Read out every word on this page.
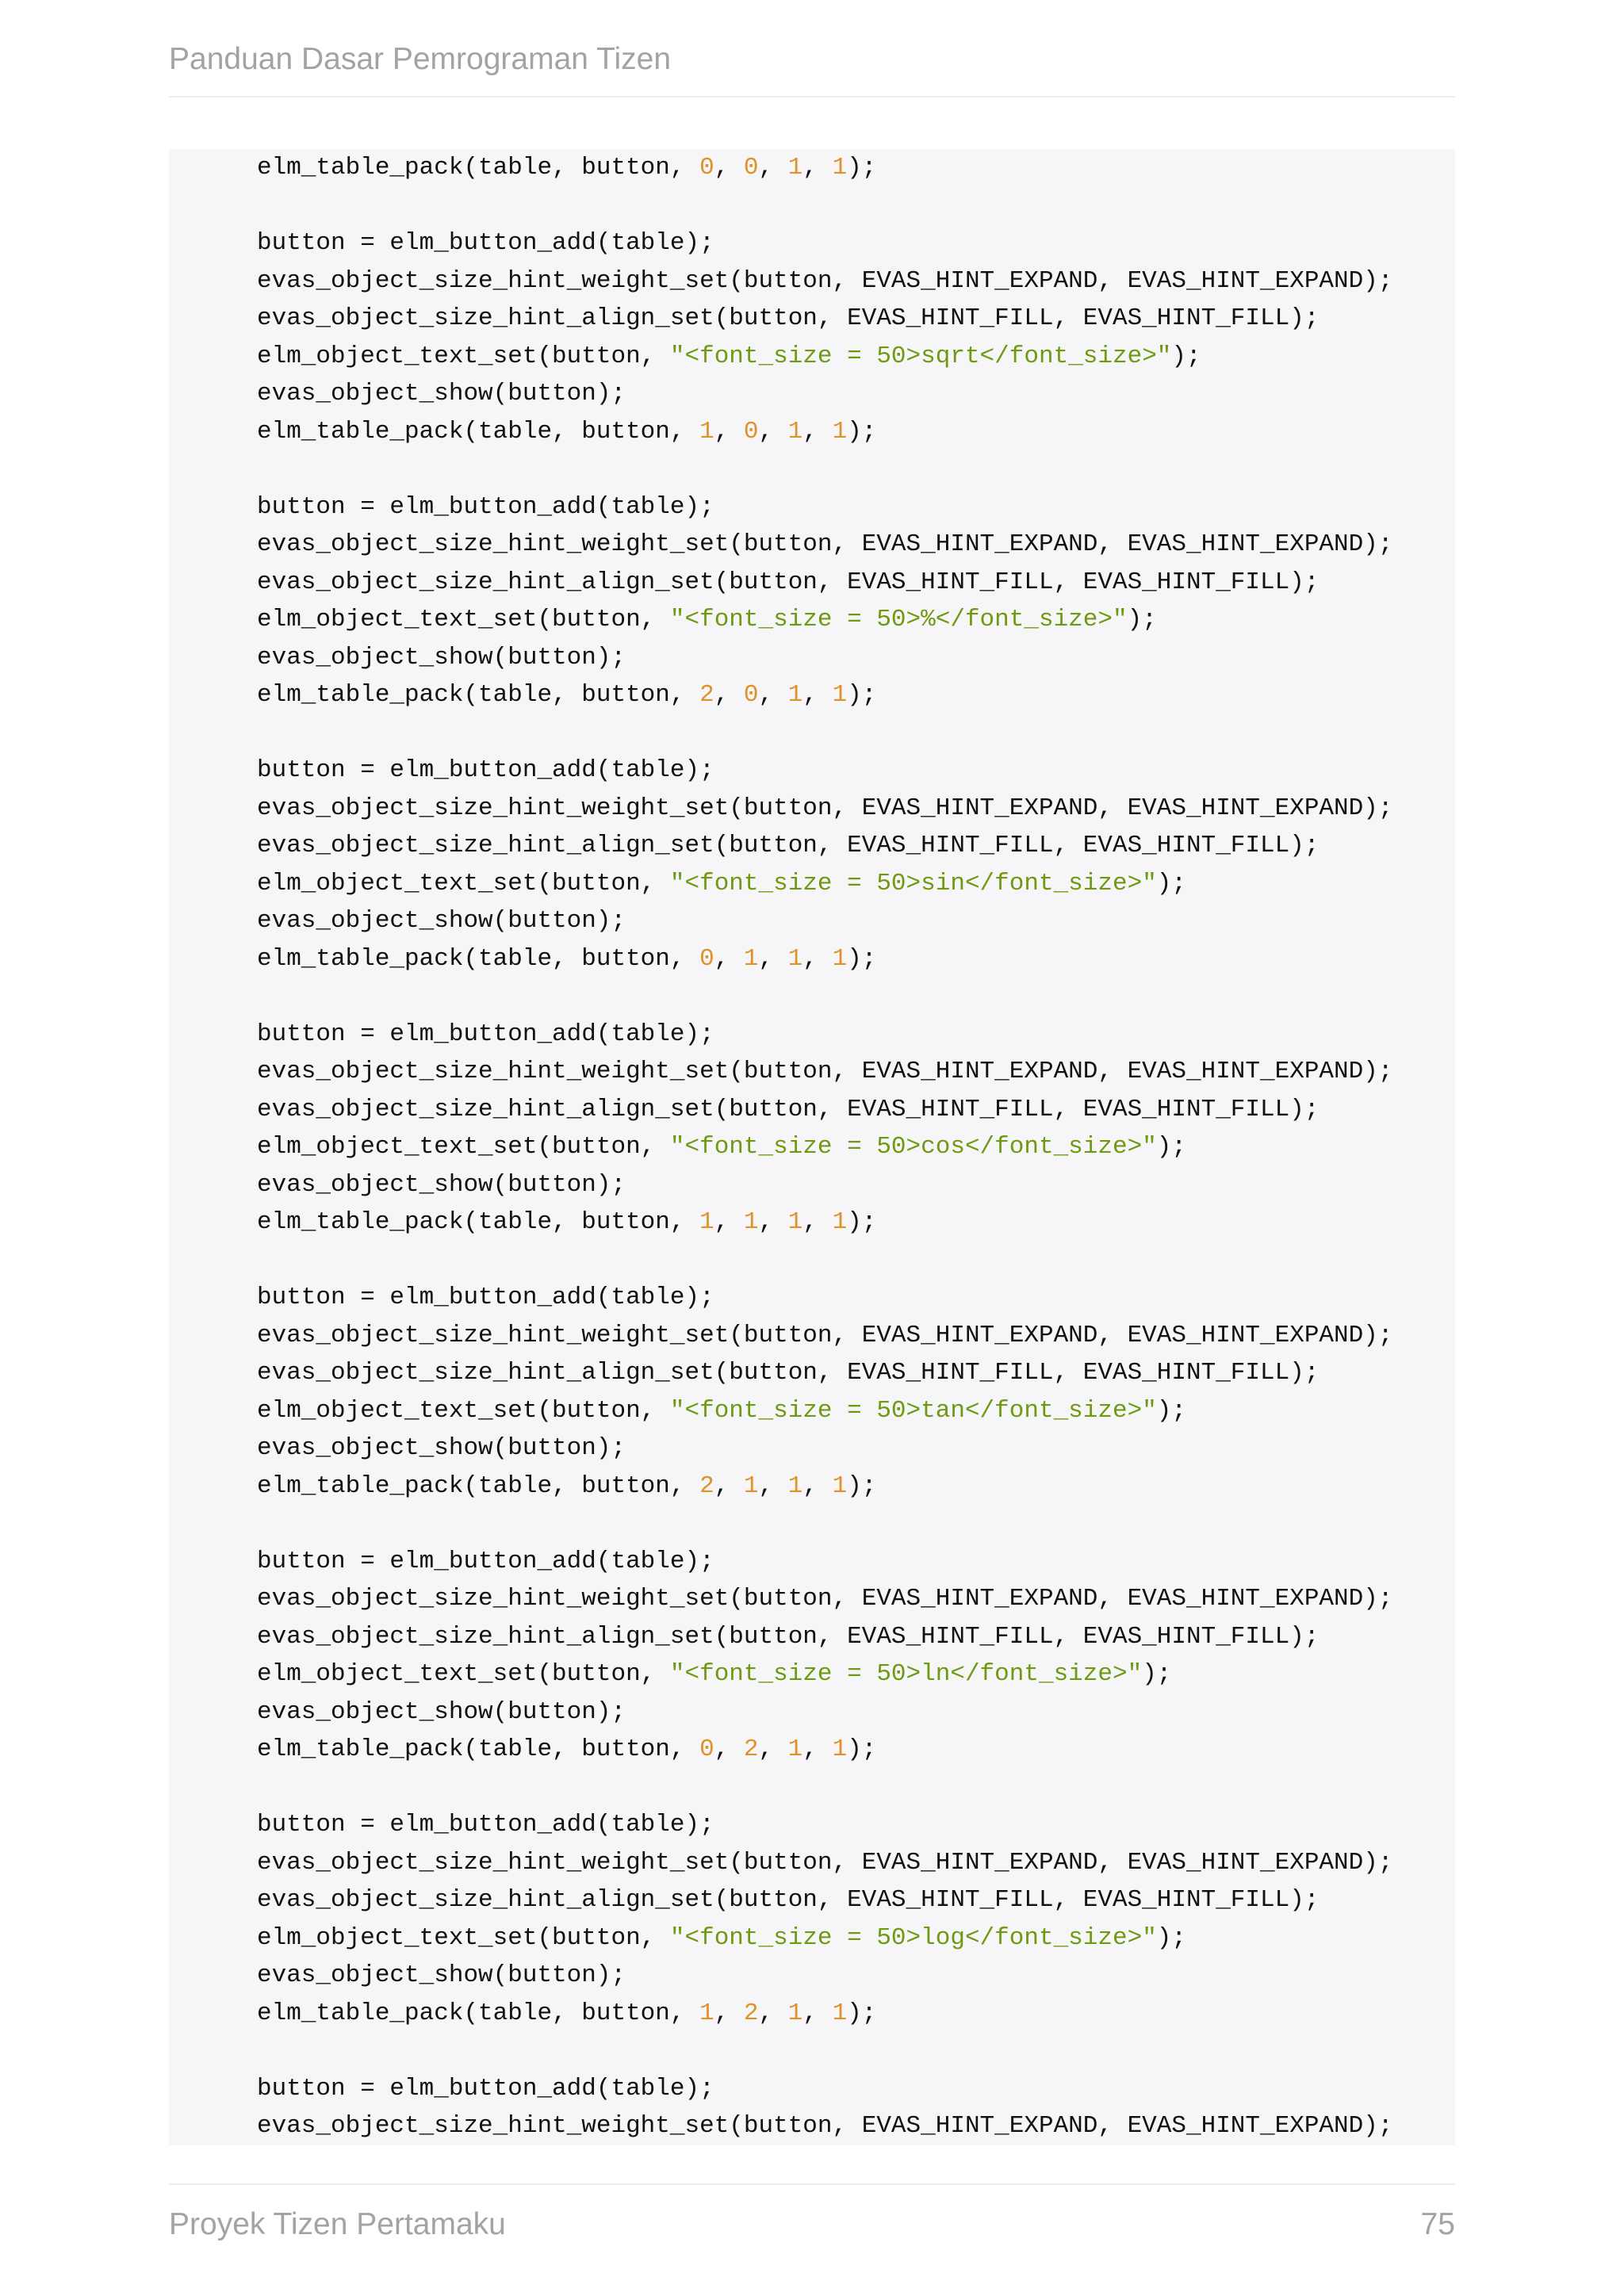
Panduan Dasar Pemrograman Tizen
elm_table_pack(table, button, 0, 0, 1, 1);
button = elm_button_add(table);
evas_object_size_hint_weight_set(button, EVAS_HINT_EXPAND, EVAS_HINT_EXPAND);
evas_object_size_hint_align_set(button, EVAS_HINT_FILL, EVAS_HINT_FILL);
elm_object_text_set(button, "<font_size = 50>sqrt</font_size>");
evas_object_show(button);
elm_table_pack(table, button, 1, 0, 1, 1);
button = elm_button_add(table);
evas_object_size_hint_weight_set(button, EVAS_HINT_EXPAND, EVAS_HINT_EXPAND);
evas_object_size_hint_align_set(button, EVAS_HINT_FILL, EVAS_HINT_FILL);
elm_object_text_set(button, "<font_size = 50>%</font_size>");
evas_object_show(button);
elm_table_pack(table, button, 2, 0, 1, 1);
button = elm_button_add(table);
evas_object_size_hint_weight_set(button, EVAS_HINT_EXPAND, EVAS_HINT_EXPAND);
evas_object_size_hint_align_set(button, EVAS_HINT_FILL, EVAS_HINT_FILL);
elm_object_text_set(button, "<font_size = 50>sin</font_size>");
evas_object_show(button);
elm_table_pack(table, button, 0, 1, 1, 1);
button = elm_button_add(table);
evas_object_size_hint_weight_set(button, EVAS_HINT_EXPAND, EVAS_HINT_EXPAND);
evas_object_size_hint_align_set(button, EVAS_HINT_FILL, EVAS_HINT_FILL);
elm_object_text_set(button, "<font_size = 50>cos</font_size>");
evas_object_show(button);
elm_table_pack(table, button, 1, 1, 1, 1);
button = elm_button_add(table);
evas_object_size_hint_weight_set(button, EVAS_HINT_EXPAND, EVAS_HINT_EXPAND);
evas_object_size_hint_align_set(button, EVAS_HINT_FILL, EVAS_HINT_FILL);
elm_object_text_set(button, "<font_size = 50>tan</font_size>");
evas_object_show(button);
elm_table_pack(table, button, 2, 1, 1, 1);
button = elm_button_add(table);
evas_object_size_hint_weight_set(button, EVAS_HINT_EXPAND, EVAS_HINT_EXPAND);
evas_object_size_hint_align_set(button, EVAS_HINT_FILL, EVAS_HINT_FILL);
elm_object_text_set(button, "<font_size = 50>ln</font_size>");
evas_object_show(button);
elm_table_pack(table, button, 0, 2, 1, 1);
button = elm_button_add(table);
evas_object_size_hint_weight_set(button, EVAS_HINT_EXPAND, EVAS_HINT_EXPAND);
evas_object_size_hint_align_set(button, EVAS_HINT_FILL, EVAS_HINT_FILL);
elm_object_text_set(button, "<font_size = 50>log</font_size>");
evas_object_show(button);
elm_table_pack(table, button, 1, 2, 1, 1);
button = elm_button_add(table);
evas_object_size_hint_weight_set(button, EVAS_HINT_EXPAND, EVAS_HINT_EXPAND);
Proyek Tizen Pertamaku	75
